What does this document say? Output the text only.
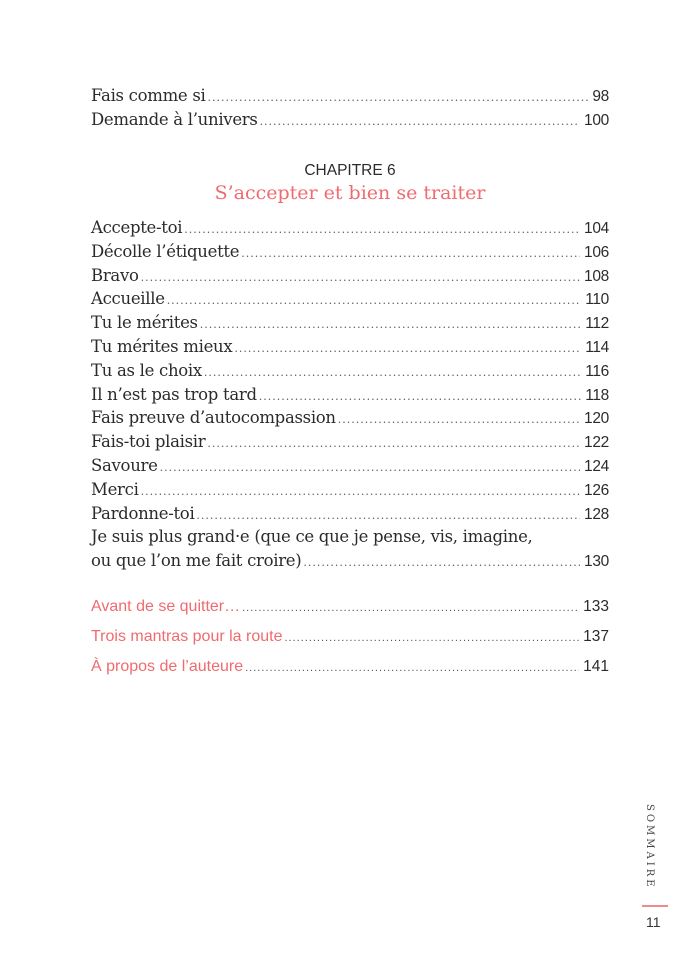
Fais comme si .....	98
Demande à l’univers .....	100
CHAPITRE 6
S’accepter et bien se traiter
Accepte-toi .....	104
Décolle l’étiquette .....	106
Bravo .....	108
Accueille .....	110
Tu le mérites .....	112
Tu mérites mieux .....	114
Tu as le choix .....	116
Il n’est pas trop tard .....	118
Fais preuve d’autocompassion .....	120
Fais-toi plaisir .....	122
Savoure .....	124
Merci .....	126
Pardonne-toi .....	128
Je suis plus grand·e (que ce que je pense, vis, imagine,
ou que l’on me fait croire) .....	130
Avant de se quitter… .....	133
Trois mantras pour la route .....	137
À propos de l’auteure .....	141
SOMMAIRE
11
